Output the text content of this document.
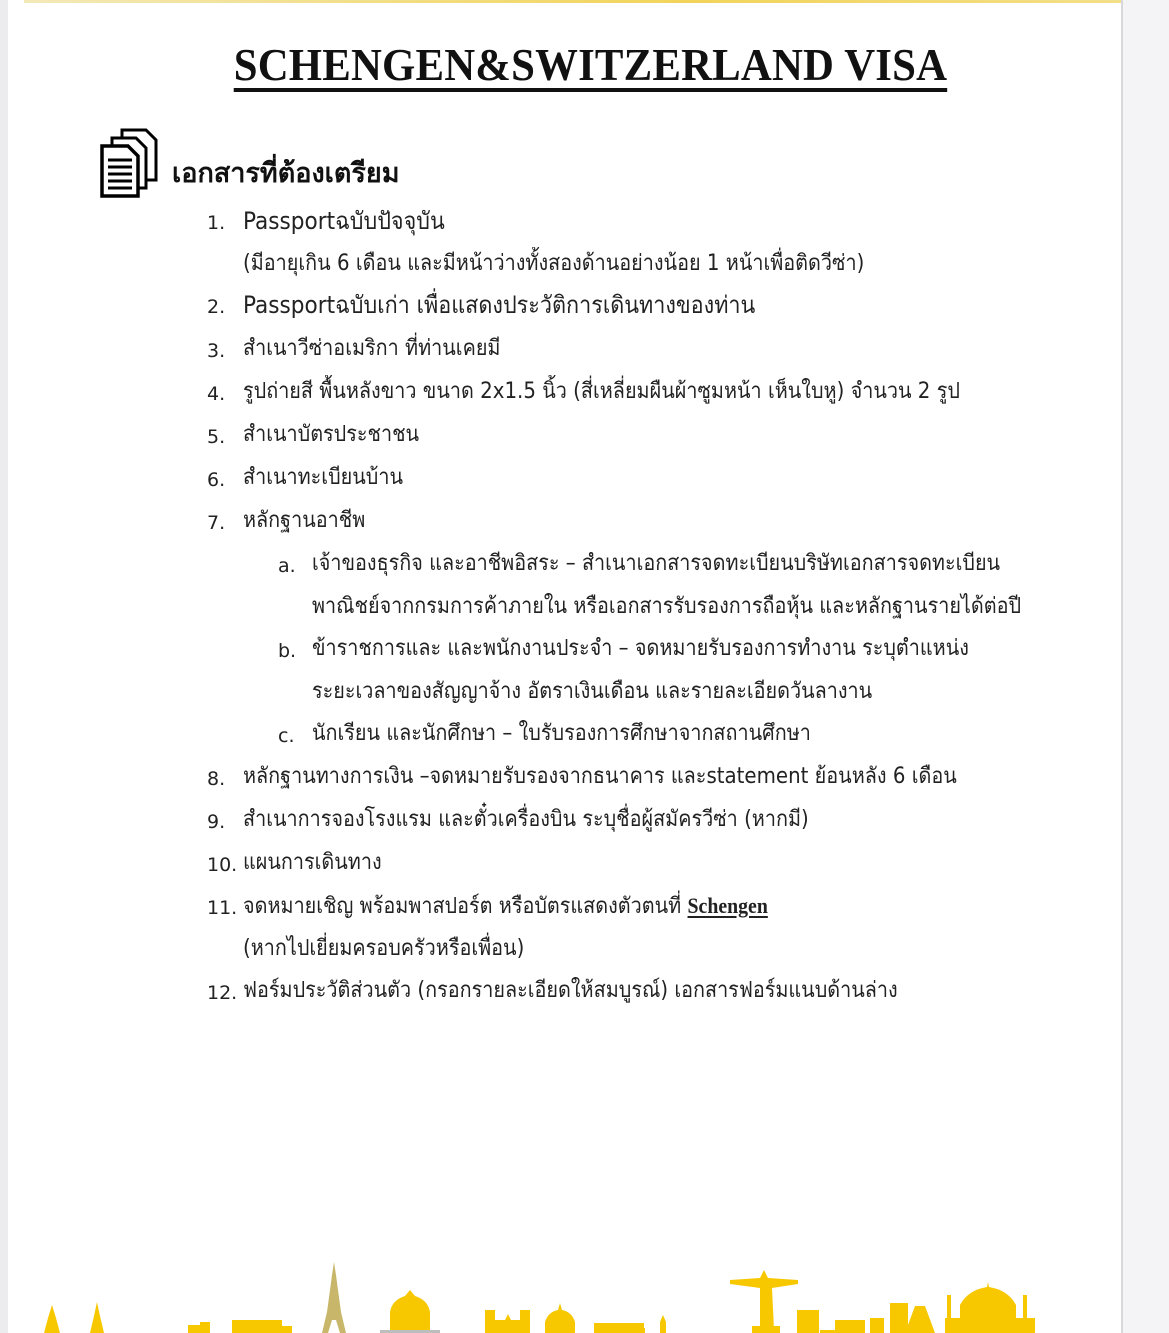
SCHENGEN&SWITZERLAND VISA
เอกสารที่ต้องเตรียม
1. Passportฉบับปัจจุบัน
(มีอายุเกิน 6 เดือน และมีหน้าว่างทั้งสองด้านอย่างน้อย 1 หน้าเพื่อติดวีซ่า)
2. Passportฉบับเก่า เพื่อแสดงประวัติการเดินทางของท่าน
3. สำเนาวีซ่าอเมริกา ที่ท่านเคยมี
4. รูปถ่ายสี พื้นหลังขาว ขนาด 2x1.5 นิ้ว (สี่เหลี่ยมผืนผ้าซูมหน้า เห็นใบหู) จำนวน 2 รูป
5. สำเนาบัตรประชาชน
6. สำเนาทะเบียนบ้าน
7. หลักฐานอาชีพ
a. เจ้าของธุรกิจ และอาชีพอิสระ – สำเนาเอกสารจดทะเบียนบริษัทเอกสารจดทะเบียน
พาณิชย์จากกรมการค้าภายใน หรือเอกสารรับรองการถือหุ้น และหลักฐานรายได้ต่อปี
b. ข้าราชการและ และพนักงานประจำ – จดหมายรับรองการทำงาน ระบุตำแหน่ง
ระยะเวลาของสัญญาจ้าง อัตราเงินเดือน และรายละเอียดวันลางาน
c. นักเรียน และนักศึกษา – ใบรับรองการศึกษาจากสถานศึกษา
8. หลักฐานทางการเงิน –จดหมายรับรองจากธนาคาร และstatement ย้อนหลัง 6 เดือน
9. สำเนาการจองโรงแรม และตั๋วเครื่องบิน ระบุชื่อผู้สมัครวีซ่า (หากมี)
10. แผนการเดินทาง
11. จดหมายเชิญ พร้อมพาสปอร์ต หรือบัตรแสดงตัวตนที่ Schengen
(หากไปเยี่ยมครอบครัวหรือเพื่อน)
12. ฟอร์มประวัติส่วนตัว (กรอกรายละเอียดให้สมบูรณ์) เอกสารฟอร์มแนบด้านล่าง
